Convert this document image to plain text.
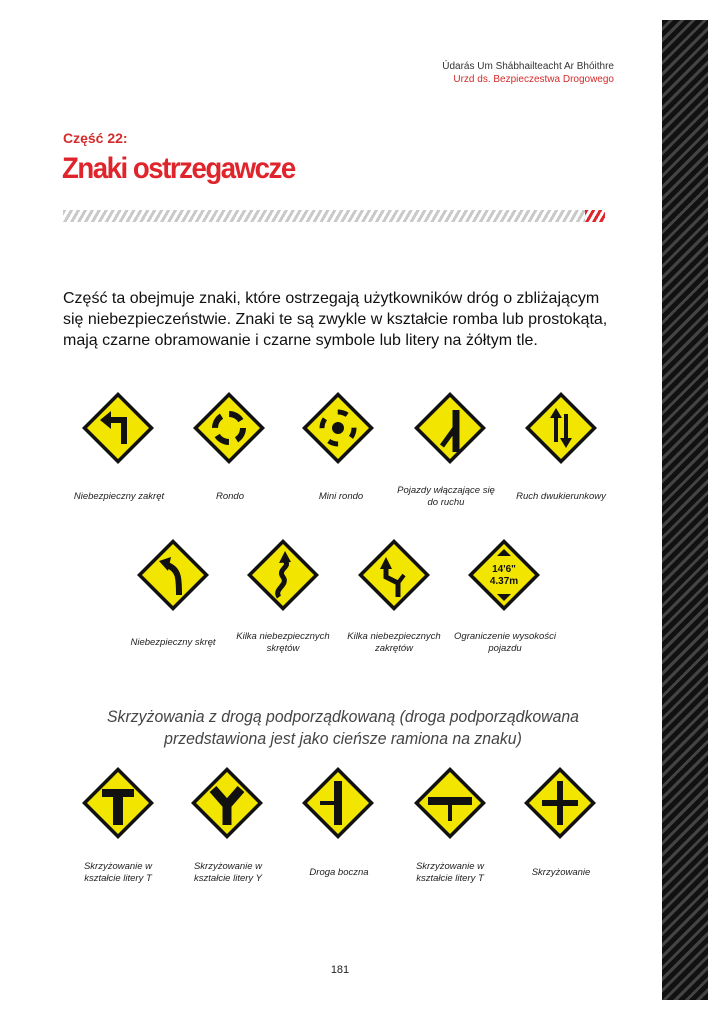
Údarás Um Shábhailteacht Ar Bhóithre
Urzd ds. Bezpieczestwa Drogowego
Część 22:
Znaki ostrzegawcze
Część ta obejmuje znaki, które ostrzegają użytkowników dróg o zbliżającym się niebezpieczeństwie. Znaki te są zwykle w kształcie romba lub prostokąta, mają czarne obramowanie i czarne symbole lub litery na żółtym tle.
Niebezpieczny zakręt	Rondo	Mini rondo
Pojazdy włączające się do ruchu
Ruch dwukierunkowy
14'6"
4.37m
Niebezpieczny skręt
Kilka niebezpiecznych skrętów
Kilka niebezpiecznych zakrętów
Ograniczenie wysokości pojazdu
Skrzyżowania z drogą podporządkowaną (droga podporządkowana przedstawiona jest jako cieńsze ramiona na znaku)
Skrzyżowanie w kształcie litery T
Skrzyżowanie w kształcie litery Y
Droga boczna
Skrzyżowanie w kształcie litery T
Skrzyżowanie
181
